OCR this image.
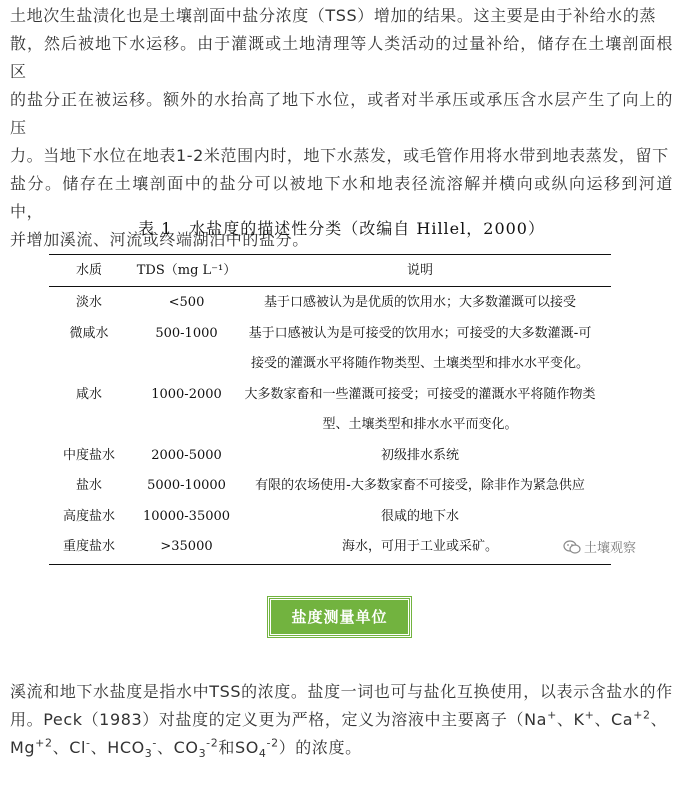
土地次生盐渍化也是土壤剖面中盐分浓度（TSS）增加的结果。这主要是由于补给水的蒸
散，然后被地下水运移。由于灌溉或土地清理等人类活动的过量补给，储存在土壤剖面根区
的盐分正在被运移。额外的水抬高了地下水位，或者对半承压或承压含水层产生了向上的压
力。当地下水位在地表1-2米范围内时，地下水蒸发，或毛管作用将水带到地表蒸发，留下
盐分。储存在土壤剖面中的盐分可以被地下水和地表径流溶解并横向或纵向运移到河道中，
并增加溪流、河流或终端湖泊中的盐分。

表 1　水盐度的描述性分类（改编自 Hillel，2000）
水质	TDS（mg L⁻¹）	说明
淡水	<500	基于口感被认为是优质的饮用水；大多数灌溉可以接受
微咸水	500-1000	基于口感被认为是可接受的饮用水；可接受的大多数灌溉-可
接受的灌溉水平将随作物类型、土壤类型和排水水平变化。
咸水	1000-2000	大多数家畜和一些灌溉可接受；可接受的灌溉水平将随作物类
型、土壤类型和排水水平而变化。
中度盐水	2000-5000	初级排水系统
盐水	5000-10000	有限的农场使用-大多数家畜不可接受，除非作为紧急供应
高度盐水	10000-35000	很咸的地下水
重度盐水	>35000	海水，可用于工业或采矿。	土壤观察
盐度测量单位

溪流和地下水盐度是指水中TSS的浓度。盐度一词也可与盐化互换使用，以表示含盐水的作
用。Peck（1983）对盐度的定义更为严格，定义为溶液中主要离子（Na+、K+、$Ca^{+2}$、
$Mg^{+2}$、Cl-、$HCO_3^-$、$CO_3^{-2}$和$SO_4^{-2}$）的浓度。
